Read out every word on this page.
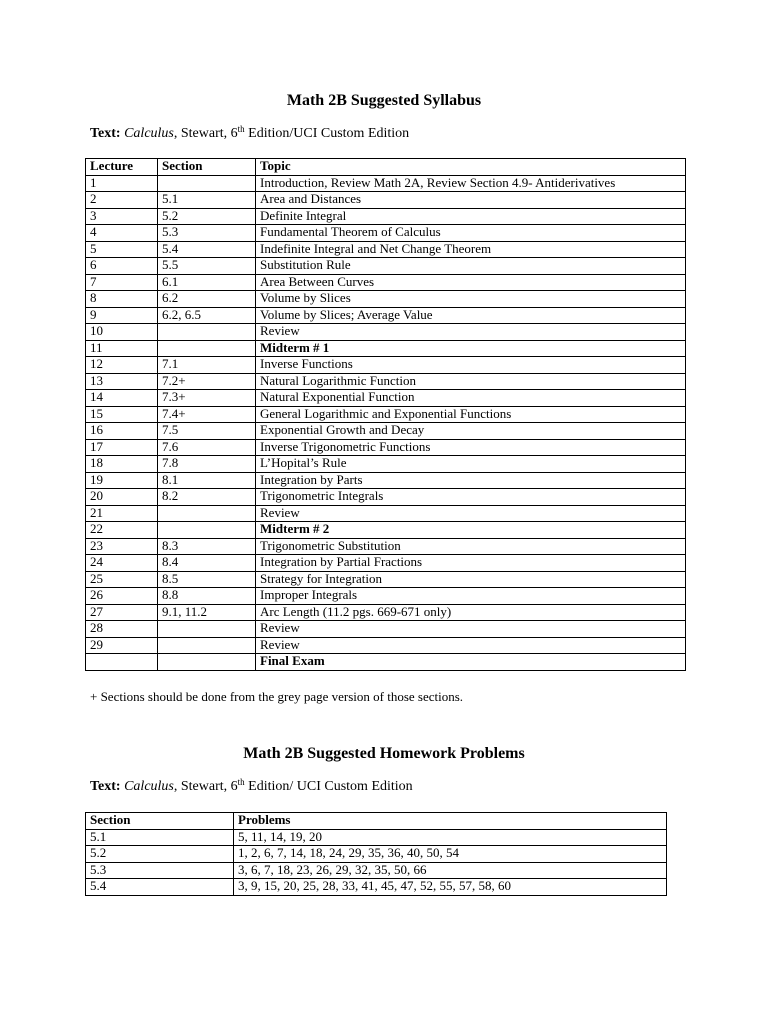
Math 2B Suggested Syllabus
Text: Calculus, Stewart, 6th Edition/UCI Custom Edition
Lecture	Section	Topic
1		Introduction, Review Math 2A, Review Section 4.9- Antiderivatives
2	5.1	Area and Distances
3	5.2	Definite Integral
4	5.3	Fundamental Theorem of Calculus
5	5.4	Indefinite Integral and Net Change Theorem
6	5.5	Substitution Rule
7	6.1	Area Between Curves
8	6.2	Volume by Slices
9	6.2, 6.5	Volume by Slices; Average Value
10		Review
11		Midterm # 1
12	7.1	Inverse Functions
13	7.2+	Natural Logarithmic Function
14	7.3+	Natural Exponential Function
15	7.4+	General Logarithmic and Exponential Functions
16	7.5	Exponential Growth and Decay
17	7.6	Inverse Trigonometric Functions
18	7.8	L’Hopital’s Rule
19	8.1	Integration by Parts
20	8.2	Trigonometric Integrals
21		Review
22		Midterm # 2
23	8.3	Trigonometric Substitution
24	8.4	Integration by Partial Fractions
25	8.5	Strategy for Integration
26	8.8	Improper Integrals
27	9.1, 11.2	Arc Length (11.2 pgs. 669-671 only)
28		Review
29		Review
		Final Exam
+ Sections should be done from the grey page version of those sections.
Math 2B Suggested Homework Problems
Text: Calculus, Stewart, 6th Edition/ UCI Custom Edition
Section	Problems
5.1	5, 11, 14, 19, 20
5.2	1, 2, 6, 7, 14, 18, 24, 29, 35, 36, 40, 50, 54
5.3	3, 6, 7, 18, 23, 26, 29, 32, 35, 50, 66
5.4	3, 9, 15, 20, 25, 28, 33, 41, 45, 47, 52, 55, 57, 58, 60
